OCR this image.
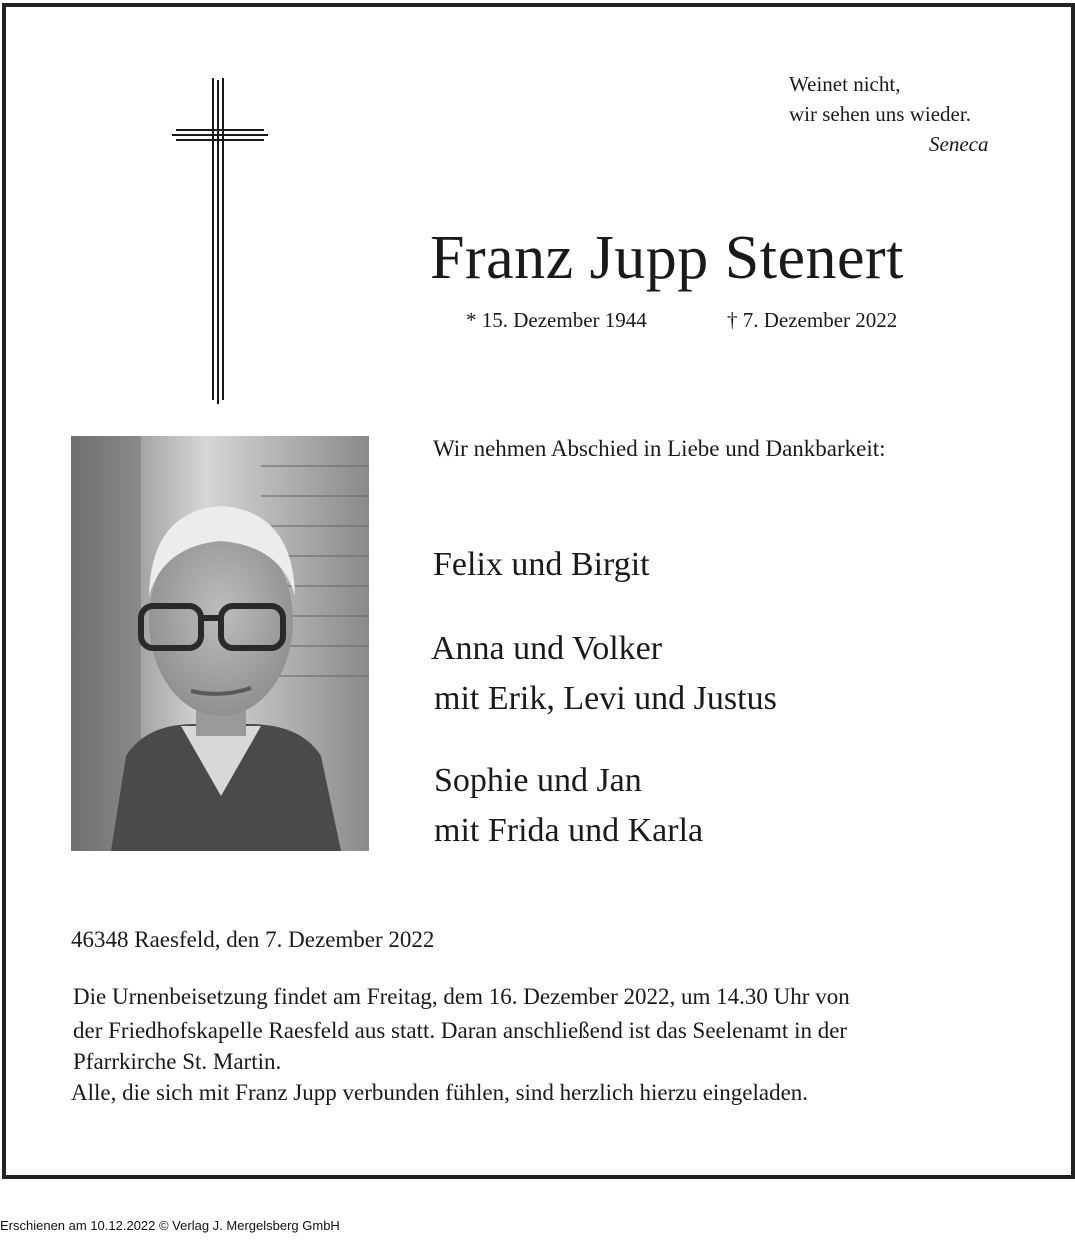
Weinet nicht,
wir sehen uns wieder.
Seneca
Franz Jupp Stenert
* 15. Dezember 1944	† 7. Dezember 2022
Wir nehmen Abschied in Liebe und Dankbarkeit:
Felix und Birgit
Anna und Volker
mit Erik, Levi und Justus
Sophie und Jan
mit Frida und Karla
46348 Raesfeld, den 7. Dezember 2022
Die Urnenbeisetzung findet am Freitag, dem 16. Dezember 2022, um 14.30 Uhr von
der Friedhofskapelle Raesfeld aus statt. Daran anschließend ist das Seelenamt in der
Pfarrkirche St. Martin.
Alle, die sich mit Franz Jupp verbunden fühlen, sind herzlich hierzu eingeladen.
Erschienen am 10.12.2022 © Verlag J. Mergelsberg GmbH
